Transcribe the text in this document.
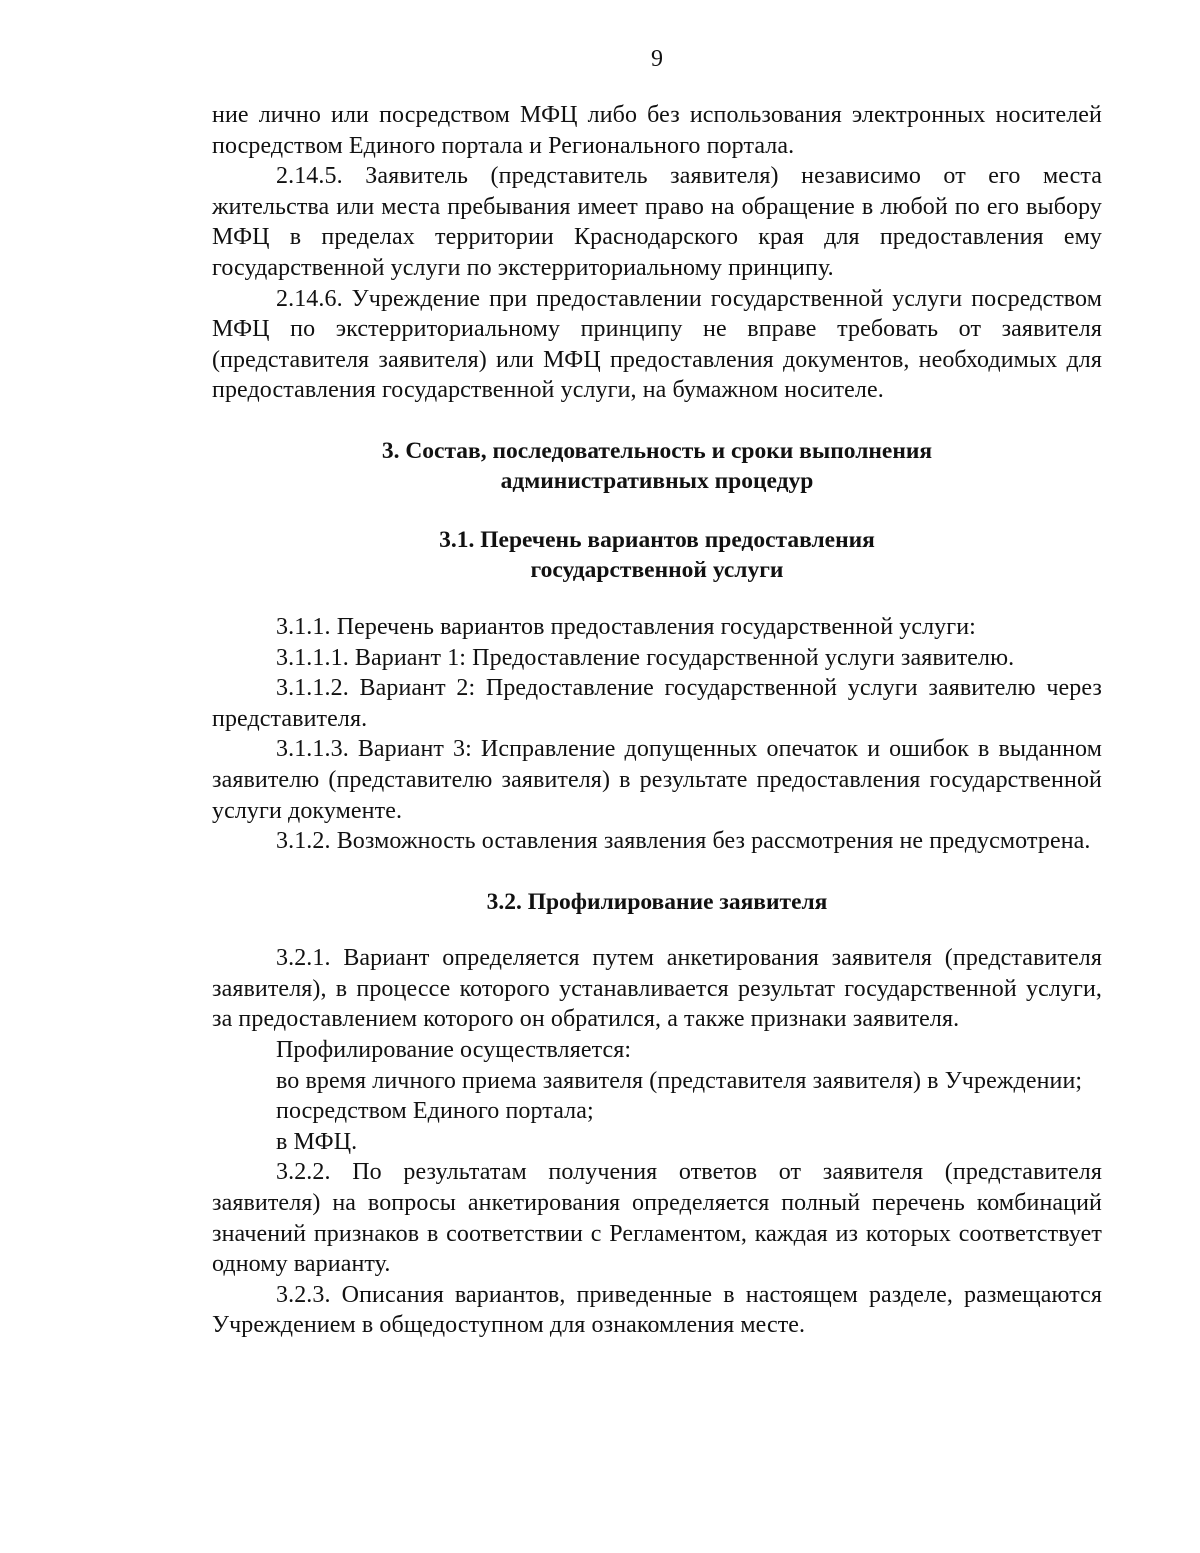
9

ние лично или посредством МФЦ либо без использования электронных носителей посредством Единого портала и Регионального портала.

2.14.5. Заявитель (представитель заявителя) независимо от его места жительства или места пребывания имеет право на обращение в любой по его выбору МФЦ в пределах территории Краснодарского края для предоставления ему государственной услуги по экстерриториальному принципу.

2.14.6. Учреждение при предоставлении государственной услуги посредством МФЦ по экстерриториальному принципу не вправе требовать от заявителя (представителя заявителя) или МФЦ предоставления документов, необходимых для предоставления государственной услуги, на бумажном носителе.

3. Состав, последовательность и сроки выполнения
административных процедур
3.1. Перечень вариантов предоставления
государственной услуги

3.1.1. Перечень вариантов предоставления государственной услуги:

3.1.1.1. Вариант 1: Предоставление государственной услуги заявителю.

3.1.1.2. Вариант 2: Предоставление государственной услуги заявителю через представителя.

3.1.1.3. Вариант 3: Исправление допущенных опечаток и ошибок в выданном заявителю (представителю заявителя) в результате предоставления государственной услуги документе.

3.1.2. Возможность оставления заявления без рассмотрения не предусмотрена.

3.2. Профилирование заявителя

3.2.1. Вариант определяется путем анкетирования заявителя (представителя заявителя), в процессе которого устанавливается результат государственной услуги, за предоставлением которого он обратился, а также признаки заявителя.

Профилирование осуществляется:

во время личного приема заявителя (представителя заявителя) в Учреждении;

посредством Единого портала;

в МФЦ.

3.2.2. По результатам получения ответов от заявителя (представителя заявителя) на вопросы анкетирования определяется полный перечень комбинаций значений признаков в соответствии с Регламентом, каждая из которых соответствует одному варианту.

3.2.3. Описания вариантов, приведенные в настоящем разделе, размещаются Учреждением в общедоступном для ознакомления месте.
